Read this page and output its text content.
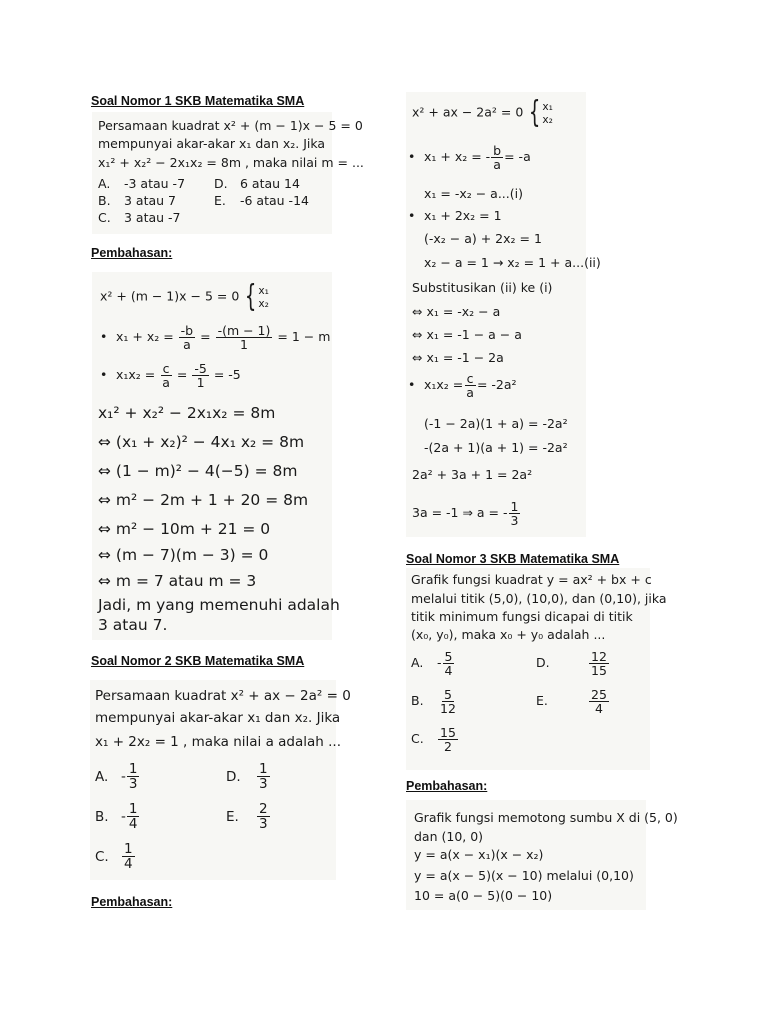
Soal Nomor 1 SKB Matematika SMA
Persamaan kuadrat x² + (m − 1)x − 5 = 0
mempunyai akar-akar x₁ dan x₂. Jika
x₁² + x₂² − 2x₁x₂ = 8m , maka nilai m = ...
A. -3 atau -7
B. 3 atau 7
C. 3 atau -7
D. 6 atau 14
E. -6 atau -14
Pembahasan:
x² + (m − 1)x − 5 = 0 { x₁
x₂
• $x_1 + x_2 = \frac{-b}{a} = \frac{-(m - 1)}{1} = 1 - m$
• $x_1x_2 = \frac{c}{a} = \frac{-5}{1} = -5$
x₁² + x₂² − 2x₁x₂ = 8m
⇔ (x₁ + x₂)² − 4x₁ x₂ = 8m
⇔ (1 − m)² − 4(−5) = 8m
⇔ m² − 2m + 1 + 20 = 8m
⇔ m² − 10m + 21 = 0
⇔ (m − 7)(m − 3) = 0
⇔ m = 7 atau m = 3
Jadi, m yang memenuhi adalah
3 atau 7.
Soal Nomor 2 SKB Matematika SMA
Persamaan kuadrat x² + ax − 2a² = 0
mempunyai akar-akar x₁ dan x₂. Jika
x₁ + 2x₂ = 1 , maka nilai a adalah ...
A. - $\frac{1}{3}$
B. - $\frac{1}{4}$
C. $\frac{1}{4}$
D. $\frac{1}{3}$
E. $\frac{2}{3}$
Pembahasan:
x² + ax − 2a² = 0 { x₁
x₂
• x₁ + x₂ = - $\frac{b}{a} = -a$
x₁ = -x₂ − a...(i)
• x₁ + 2x₂ = 1
(-x₂ − a) + 2x₂ = 1
x₂ − a = 1 → x₂ = 1 + a...(ii)
Substitusikan (ii) ke (i)
⇔ x₁ = -x₂ − a
⇔ x₁ = -1 − a − a
⇔ x₁ = -1 − 2a
• $x_1x_2 = \frac{c}{a} = -2a^2$
(-1 − 2a)(1 + a) = -2a²
-(2a + 1)(a + 1) = -2a²
2a² + 3a + 1 = 2a²
3a = -1 ⇒ a = - $\frac{1}{3}$
Soal Nomor 3 SKB Matematika SMA
Grafik fungsi kuadrat y = ax² + bx + c
melalui titik (5,0), (10,0), dan (0,10), jika
titik minimum fungsi dicapai di titik
(x₀, y₀), maka x₀ + y₀ adalah ...
A. - $\frac{5}{4}$
B. $\frac{5}{12}$
C. $\frac{15}{2}$
D.	$\frac{12}{15}$
E.	$\frac{25}{4}$
Pembahasan:
Grafik fungsi memotong sumbu X di (5, 0)
dan (10, 0)
y = a(x − x₁)(x − x₂)
y = a(x − 5)(x − 10) melalui (0,10)
10 = a(0 − 5)(0 − 10)
